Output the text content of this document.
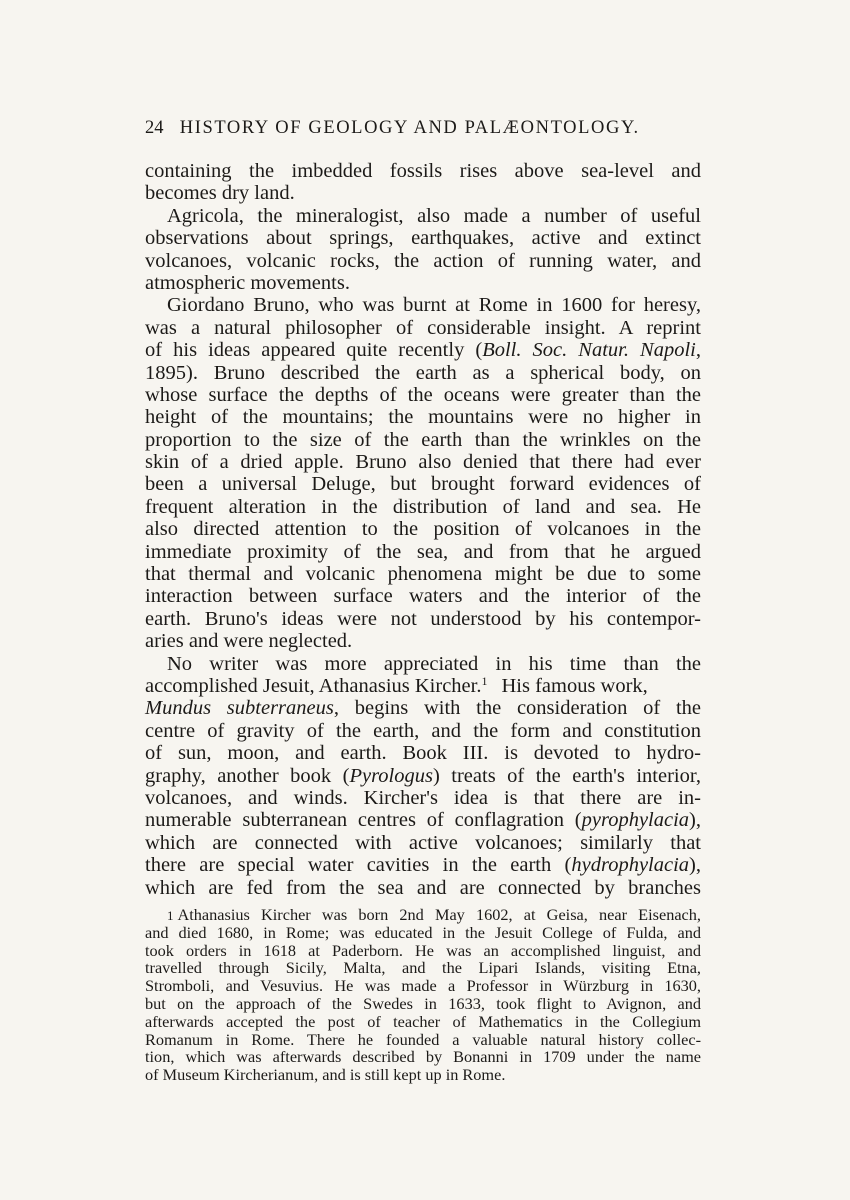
24 HISTORY OF GEOLOGY AND PALÆONTOLOGY.
containing the imbedded fossils rises above sea-level and
becomes dry land.
Agricola, the mineralogist, also made a number of useful
observations about springs, earthquakes, active and extinct
volcanoes, volcanic rocks, the action of running water, and
atmospheric movements.
Giordano Bruno, who was burnt at Rome in 1600 for heresy,
was a natural philosopher of considerable insight. A reprint
of his ideas appeared quite recently (Boll. Soc. Natur. Napoli,
1895). Bruno described the earth as a spherical body, on
whose surface the depths of the oceans were greater than the
height of the mountains; the mountains were no higher in
proportion to the size of the earth than the wrinkles on the
skin of a dried apple. Bruno also denied that there had ever
been a universal Deluge, but brought forward evidences of
frequent alteration in the distribution of land and sea. He
also directed attention to the position of volcanoes in the
immediate proximity of the sea, and from that he argued
that thermal and volcanic phenomena might be due to some
interaction between surface waters and the interior of the
earth. Bruno's ideas were not understood by his contempor-
aries and were neglected.
No writer was more appreciated in his time than the
accomplished Jesuit, Athanasius Kircher.$^1$ His famous work,
Mundus subterraneus, begins with the consideration of the
centre of gravity of the earth, and the form and constitution
of sun, moon, and earth. Book III. is devoted to hydro-
graphy, another book (Pyrologus) treats of the earth's interior,
volcanoes, and winds. Kircher's idea is that there are in-
numerable subterranean centres of conflagration (pyrophylacia),
which are connected with active volcanoes; similarly that
there are special water cavities in the earth (hydrophylacia),
which are fed from the sea and are connected by branches
1 Athanasius Kircher was born 2nd May 1602, at Geisa, near Eisenach,
and died 1680, in Rome; was educated in the Jesuit College of Fulda, and
took orders in 1618 at Paderborn. He was an accomplished linguist, and
travelled through Sicily, Malta, and the Lipari Islands, visiting Etna,
Stromboli, and Vesuvius. He was made a Professor in Würzburg in 1630,
but on the approach of the Swedes in 1633, took flight to Avignon, and
afterwards accepted the post of teacher of Mathematics in the Collegium
Romanum in Rome. There he founded a valuable natural history collec-
tion, which was afterwards described by Bonanni in 1709 under the name
of Museum Kircherianum, and is still kept up in Rome.
